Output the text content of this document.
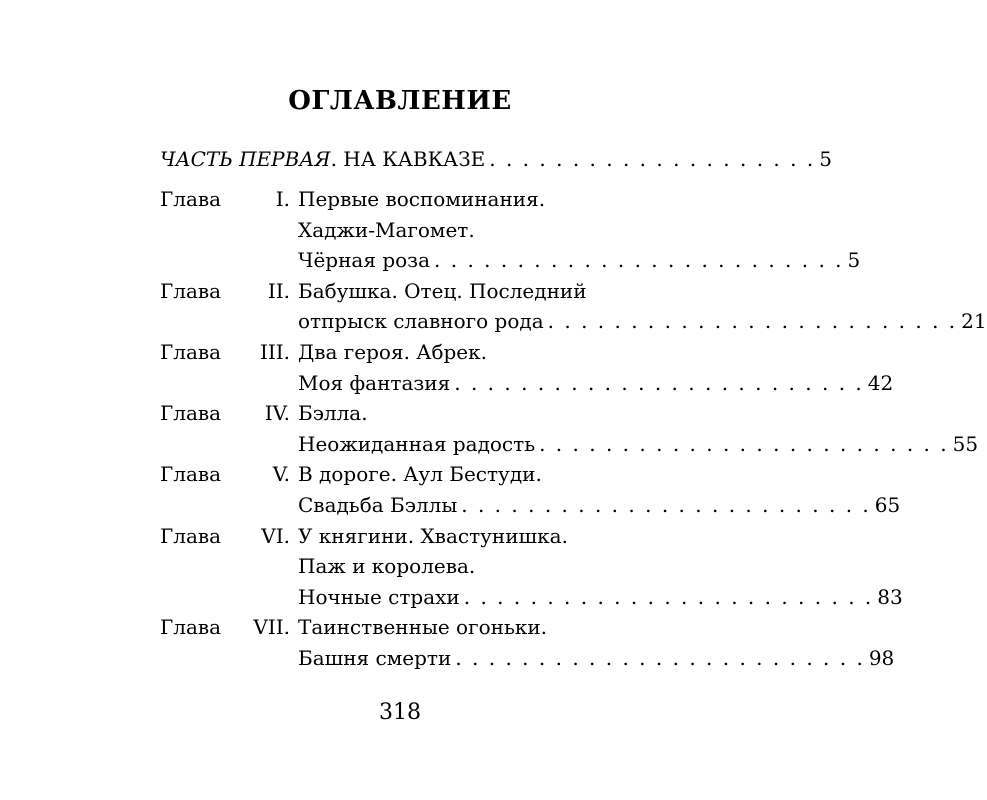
ОГЛАВЛЕНИЕ
ЧАСТЬ ПЕРВАЯ. НА КАВКАЗЕ . . . . . . . . . . . . . . . . . . . . 5
Глава	I. Первые воспоминания.
Хаджи-Магомет.
Чёрная роза . . . . . . . . . . . . . . . . . . . . . . . . . 5
Глава	II. Бабушка. Отец. Последний
отпрыск славного рода . . . . . . . . . . . . . . . . . . . . . . . . . 21
Глава	III. Два героя. Абрек.
Моя фантазия . . . . . . . . . . . . . . . . . . . . . . . . . 42
Глава	IV. Бэлла.
Неожиданная радость . . . . . . . . . . . . . . . . . . . . . . . . . 55
Глава	V. В дороге. Аул Бестуди.
Свадьба Бэллы . . . . . . . . . . . . . . . . . . . . . . . . . 65
Глава	VI. У княгини. Хвастунишка.
Паж и королева.
Ночные страхи . . . . . . . . . . . . . . . . . . . . . . . . . 83
Глава	VII. Таинственные огоньки.
Башня смерти . . . . . . . . . . . . . . . . . . . . . . . . . 98
318
